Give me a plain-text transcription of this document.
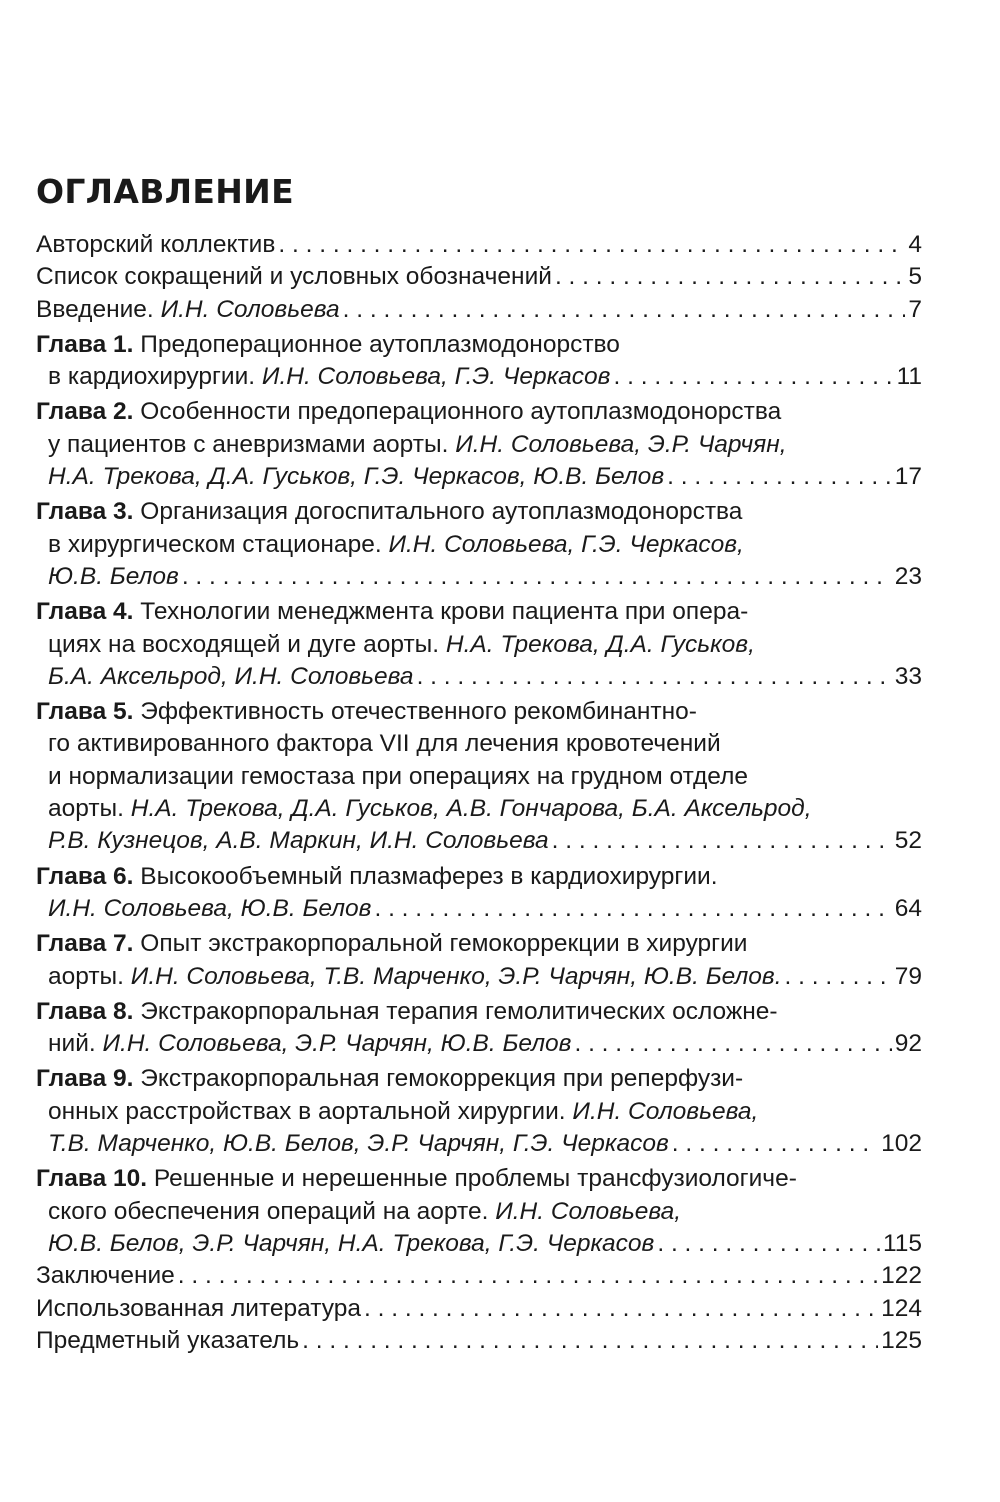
ОГЛАВЛЕНИЕ
Авторский коллектив . . .	4
Список сокращений и условных обозначений . . .	5
Введение. И.Н. Соловьева . . .	7
Глава 1. Предоперационное аутоплазмодонорство
в кардиохирургии. И.Н. Соловьева, Г.Э. Черкасов . . .	11
Глава 2. Особенности предоперационного аутоплазмодонорства
у пациентов с аневризмами аорты. И.Н. Соловьева, Э.Р. Чарчян,
Н.А. Трекова, Д.А. Гуськов, Г.Э. Черкасов, Ю.В. Белов . . .	17
Глава 3. Организация догоспитального аутоплазмодонорства
в хирургическом стационаре. И.Н. Соловьева, Г.Э. Черкасов,
Ю.В. Белов . . .	23
Глава 4. Технологии менеджмента крови пациента при опера-
циях на восходящей и дуге аорты. Н.А. Трекова, Д.А. Гуськов,
Б.А. Аксельрод, И.Н. Соловьева . . .	33
Глава 5. Эффективность отечественного рекомбинантно-
го активированного фактора VII для лечения кровотечений
и нормализации гемостаза при операциях на грудном отделе
аорты. Н.А. Трекова, Д.А. Гуськов, А.В. Гончарова, Б.А. Аксельрод,
Р.В. Кузнецов, А.В. Маркин, И.Н. Соловьева . . .	52
Глава 6. Высокообъемный плазмаферез в кардиохирургии.
И.Н. Соловьева, Ю.В. Белов . . .	64
Глава 7. Опыт экстракорпоральной гемокоррекции в хирургии
аорты. И.Н. Соловьева, Т.В. Марченко, Э.Р. Чарчян, Ю.В. Белов. . . .	79
Глава 8. Экстракорпоральная терапия гемолитических осложне-
ний. И.Н. Соловьева, Э.Р. Чарчян, Ю.В. Белов . . .	92
Глава 9. Экстракорпоральная гемокоррекция при реперфузи-
онных расстройствах в аортальной хирургии. И.Н. Соловьева,
Т.В. Марченко, Ю.В. Белов, Э.Р. Чарчян, Г.Э. Черкасов . . .	102
Глава 10. Решенные и нерешенные проблемы трансфузиологиче-
ского обеспечения операций на аорте. И.Н. Соловьева,
Ю.В. Белов, Э.Р. Чарчян, Н.А. Трекова, Г.Э. Черкасов . . .	115
Заключение . . .	122
Использованная литература . . .	124
Предметный указатель . . .	125
